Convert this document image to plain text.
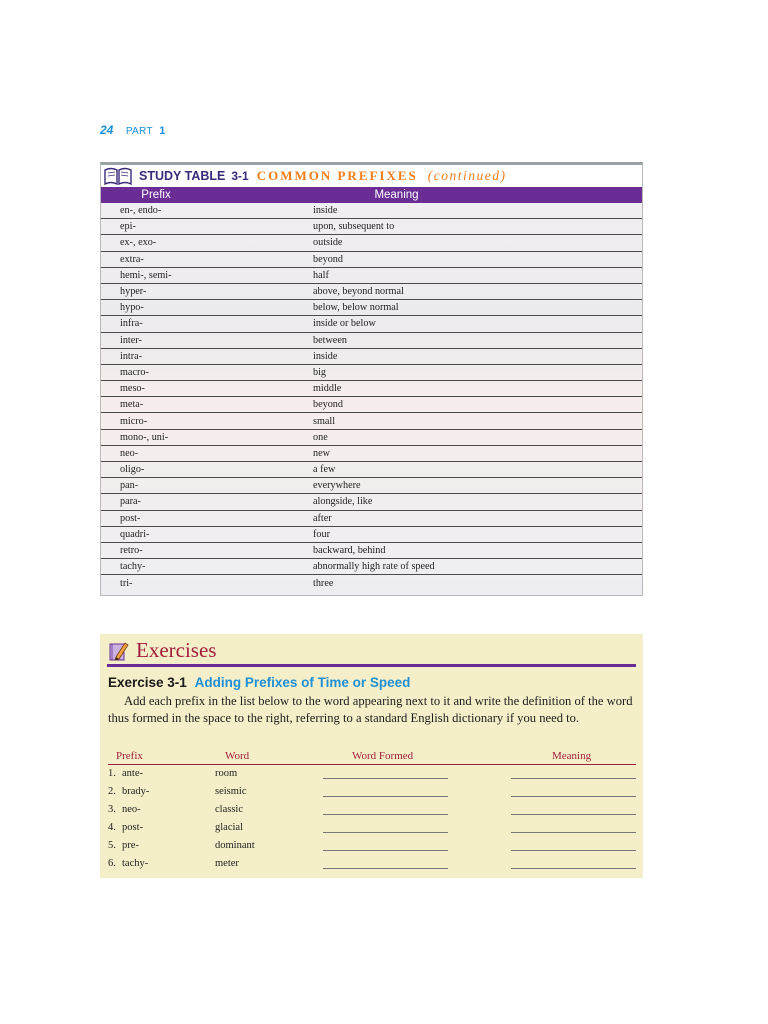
24 PART 1
STUDY TABLE 3-1 COMMON PREFIXES (continued)
Prefix	Meaning
en-, endo-	inside
epi-	upon, subsequent to
ex-, exo-	outside
extra-	beyond
hemi-, semi-	half
hyper-	above, beyond normal
hypo-	below, below normal
infra-	inside or below
inter-	between
intra-	inside
macro-	big
meso-	middle
meta-	beyond
micro-	small
mono-, uni-	one
neo-	new
oligo-	a few
pan-	everywhere
para-	alongside, like
post-	after
quadri-	four
retro-	backward, behind
tachy-	abnormally high rate of speed
tri-	three
Exercises
Exercise 3-1 Adding Prefixes of Time or Speed
Add each prefix in the list below to the word appearing next to it and write the definition of the word thus formed in the space to the right, referring to a standard English dictionary if you need to.
Prefix	Word	Word Formed	Meaning
1. ante-	room
2. brady-	seismic
3. neo-	classic
4. post-	glacial
5. pre-	dominant
6. tachy-	meter
